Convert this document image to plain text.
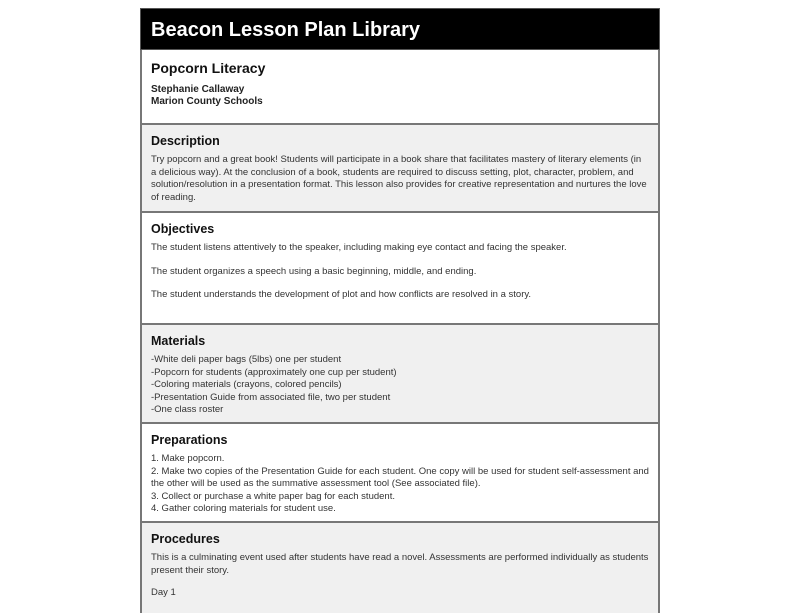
Beacon Lesson Plan Library
Popcorn Literacy
Stephanie Callaway
Marion County Schools
Description

Try popcorn and a great book! Students will participate in a book share that facilitates mastery of literary elements (in a delicious way). At the conclusion of a book, students are required to discuss setting, plot, character, problem, and solution/resolution in a presentation format. This lesson also provides for creative representation and nurtures the love of reading.

Objectives

The student listens attentively to the speaker, including making eye contact and facing the speaker.

The student organizes a speech using a basic beginning, middle, and ending.

The student understands the development of plot and how conflicts are resolved in a story.

Materials
-White deli paper bags (5lbs) one per student
-Popcorn for students (approximately one cup per student)
-Coloring materials (crayons, colored pencils)
-Presentation Guide from associated file, two per student
-One class roster
Preparations
1. Make popcorn.
2. Make two copies of the Presentation Guide for each student. One copy will be used for student self-assessment and the other will be used as the summative assessment tool (See associated file).
3. Collect or purchase a white paper bag for each student.
4. Gather coloring materials for student use.
Procedures

This is a culminating event used after students have read a novel. Assessments are performed individually as students present their story.

Day 1
